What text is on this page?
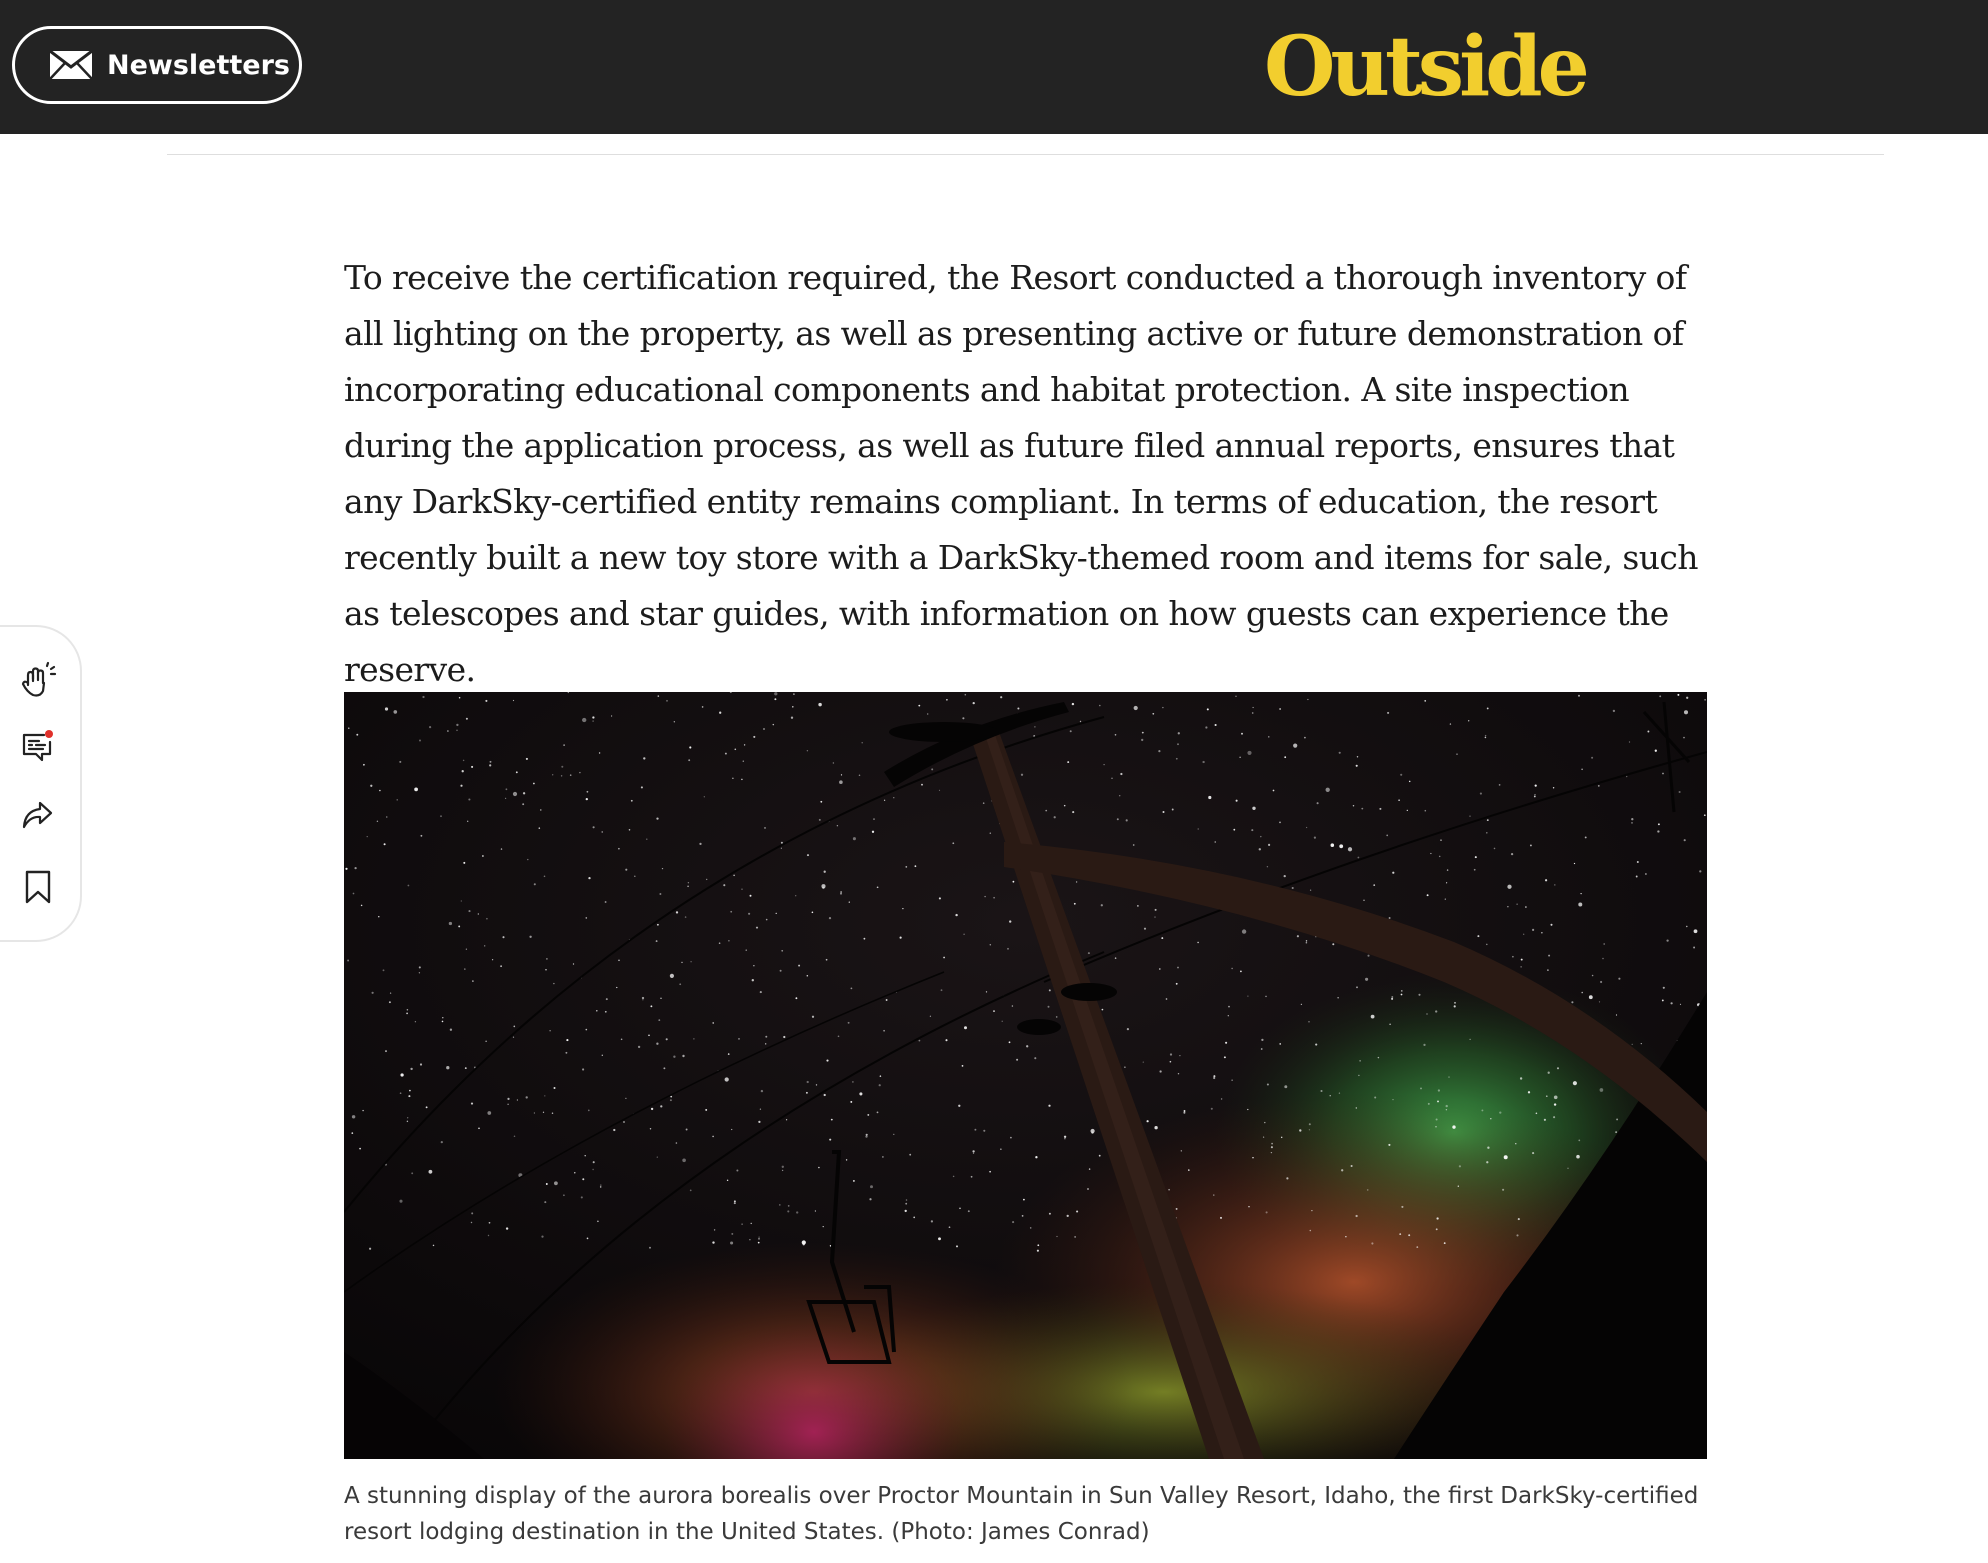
Newsletters	Outside

To receive the certification required, the Resort conducted a thorough inventory of all lighting on the property, as well as presenting active or future demonstration of incorporating educational components and habitat protection. A site inspection during the application process, as well as future filed annual reports, ensures that any DarkSky-certified entity remains compliant. In terms of education, the resort recently built a new toy store with a DarkSky-themed room and items for sale, such as telescopes and star guides, with information on how guests can experience the reserve.

A stunning display of the aurora borealis over Proctor Mountain in Sun Valley Resort, Idaho, the first DarkSky-certified resort lodging destination in the United States. (Photo: James Conrad)
